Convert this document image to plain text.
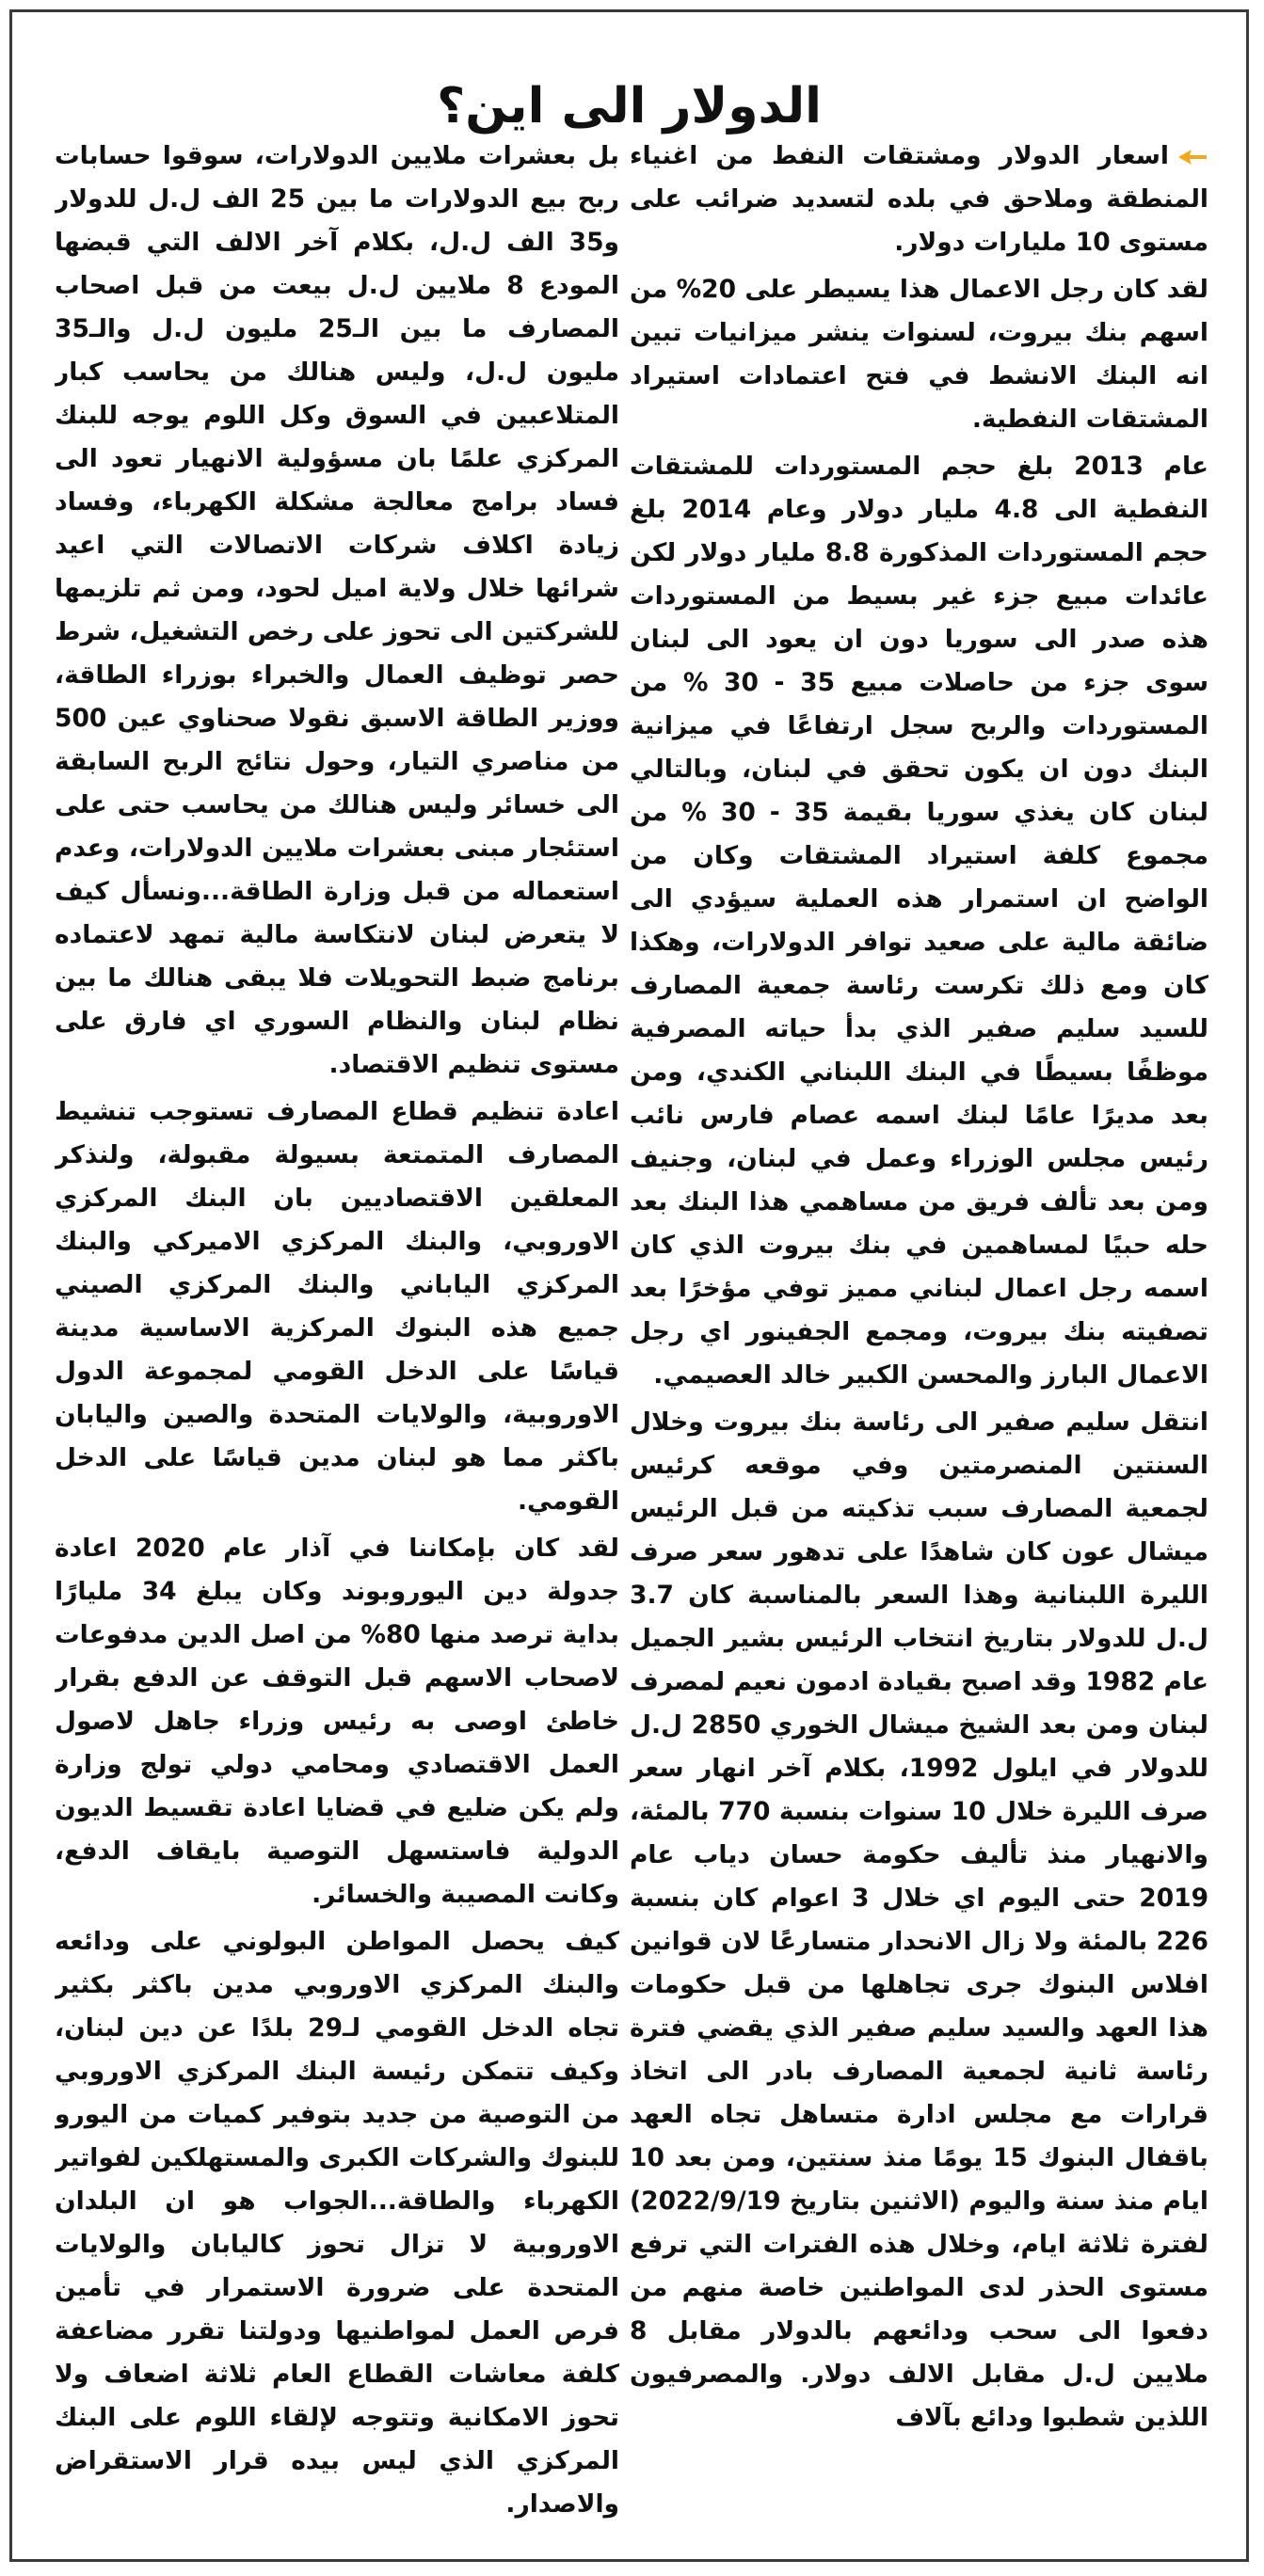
الدولار الى اين؟

اسعار الدولار ومشتقات النفط من اغنياء المنطقة وملاحق في بلده لتسديد ضرائب على مستوى 10 مليارات دولار.

لقد كان رجل الاعمال هذا يسيطر على 20% من اسهم بنك بيروت، لسنوات ينشر ميزانيات تبين انه البنك الانشط في فتح اعتمادات استيراد المشتقات النفطية.

عام 2013 بلغ حجم المستوردات للمشتقات النفطية الى 4.8 مليار دولار وعام 2014 بلغ حجم المستوردات المذكورة 8.8 مليار دولار لكن عائدات مبيع جزء غير بسيط من المستوردات هذه صدر الى سوريا دون ان يعود الى لبنان سوى جزء من حاصلات مبيع 35 - 30 % من المستوردات والربح سجل ارتفاعًا في ميزانية البنك دون ان يكون تحقق في لبنان، وبالتالي لبنان كان يغذي سوريا بقيمة 35 - 30 % من مجموع كلفة استيراد المشتقات وكان من الواضح ان استمرار هذه العملية سيؤدي الى ضائقة مالية على صعيد توافر الدولارات، وهكذا كان ومع ذلك تكرست رئاسة جمعية المصارف للسيد سليم صفير الذي بدأ حياته المصرفية موظفًا بسيطًا في البنك اللبناني الكندي، ومن بعد مديرًا عامًا لبنك اسمه عصام فارس نائب رئيس مجلس الوزراء وعمل في لبنان، وجنيف ومن بعد تألف فريق من مساهمي هذا البنك بعد حله حبيًا لمساهمين في بنك بيروت الذي كان اسمه رجل اعمال لبناني مميز توفي مؤخرًا بعد تصفيته بنك بيروت، ومجمع الجفينور اي رجل الاعمال البارز والمحسن الكبير خالد العصيمي.

انتقل سليم صفير الى رئاسة بنك بيروت وخلال السنتين المنصرمتين وفي موقعه كرئيس لجمعية المصارف سبب تذكيته من قبل الرئيس ميشال عون كان شاهدًا على تدهور سعر صرف الليرة اللبنانية وهذا السعر بالمناسبة كان 3.7 ل.ل للدولار بتاريخ انتخاب الرئيس بشير الجميل عام 1982 وقد اصبح بقيادة ادمون نعيم لمصرف لبنان ومن بعد الشيخ ميشال الخوري 2850 ل.ل للدولار في ايلول 1992، بكلام آخر انهار سعر صرف الليرة خلال 10 سنوات بنسبة 770 بالمئة، والانهيار منذ تأليف حكومة حسان دياب عام 2019 حتى اليوم اي خلال 3 اعوام كان بنسبة 226 بالمئة ولا زال الانحدار متسارعًا لان قوانين افلاس البنوك جرى تجاهلها من قبل حكومات هذا العهد والسيد سليم صفير الذي يقضي فترة رئاسة ثانية لجمعية المصارف بادر الى اتخاذ قرارات مع مجلس ادارة متساهل تجاه العهد باقفال البنوك 15 يومًا منذ سنتين، ومن بعد 10 ايام منذ سنة واليوم (الاثنين بتاريخ 2022/9/19) لفترة ثلاثة ايام، وخلال هذه الفترات التي ترفع مستوى الحذر لدى المواطنين خاصة منهم من دفعوا الى سحب ودائعهم بالدولار مقابل 8 ملايين ل.ل مقابل الالف دولار. والمصرفيون اللذين شطبوا ودائع بآلاف

بل بعشرات ملايين الدولارات، سوقوا حسابات ربح بيع الدولارات ما بين 25 الف ل.ل للدولار و35 الف ل.ل، بكلام آخر الالف التي قبضها المودع 8 ملايين ل.ل بيعت من قبل اصحاب المصارف ما بين الـ25 مليون ل.ل والـ35 مليون ل.ل، وليس هنالك من يحاسب كبار المتلاعبين في السوق وكل اللوم يوجه للبنك المركزي علمًا بان مسؤولية الانهيار تعود الى فساد برامج معالجة مشكلة الكهرباء، وفساد زيادة اكلاف شركات الاتصالات التي اعيد شرائها خلال ولاية اميل لحود، ومن ثم تلزيمها للشركتين الى تحوز على رخص التشغيل، شرط حصر توظيف العمال والخبراء بوزراء الطاقة، ووزير الطاقة الاسبق نقولا صحناوي عين 500 من مناصري التيار، وحول نتائج الربح السابقة الى خسائر وليس هنالك من يحاسب حتى على استئجار مبنى بعشرات ملايين الدولارات، وعدم استعماله من قبل وزارة الطاقة...ونسأل كيف لا يتعرض لبنان لانتكاسة مالية تمهد لاعتماده برنامج ضبط التحويلات فلا يبقى هنالك ما بين نظام لبنان والنظام السوري اي فارق على مستوى تنظيم الاقتصاد.

اعادة تنظيم قطاع المصارف تستوجب تنشيط المصارف المتمتعة بسيولة مقبولة، ولنذكر المعلقين الاقتصاديين بان البنك المركزي الاوروبي، والبنك المركزي الاميركي والبنك المركزي الياباني والبنك المركزي الصيني جميع هذه البنوك المركزية الاساسية مدينة قياسًا على الدخل القومي لمجموعة الدول الاوروبية، والولايات المتحدة والصين واليابان باكثر مما هو لبنان مدين قياسًا على الدخل القومي.

لقد كان بإمكاننا في آذار عام 2020 اعادة جدولة دين اليوروبوند وكان يبلغ 34 مليارًا بداية ترصد منها 80% من اصل الدين مدفوعات لاصحاب الاسهم قبل التوقف عن الدفع بقرار خاطئ اوصى به رئيس وزراء جاهل لاصول العمل الاقتصادي ومحامي دولي تولج وزارة ولم يكن ضليع في قضايا اعادة تقسيط الديون الدولية فاستسهل التوصية بايقاف الدفع، وكانت المصيبة والخسائر.

كيف يحصل المواطن البولوني على ودائعه والبنك المركزي الاوروبي مدين باكثر بكثير تجاه الدخل القومي لـ29 بلدًا عن دين لبنان، وكيف تتمكن رئيسة البنك المركزي الاوروبي من التوصية من جديد بتوفير كميات من اليورو للبنوك والشركات الكبرى والمستهلكين لفواتير الكهرباء والطاقة...الجواب هو ان البلدان الاوروبية لا تزال تحوز كاليابان والولايات المتحدة على ضرورة الاستمرار في تأمين فرص العمل لمواطنيها ودولتنا تقرر مضاعفة كلفة معاشات القطاع العام ثلاثة اضعاف ولا تحوز الامكانية وتتوجه لإلقاء اللوم على البنك المركزي الذي ليس بيده قرار الاستقراض والاصدار.
